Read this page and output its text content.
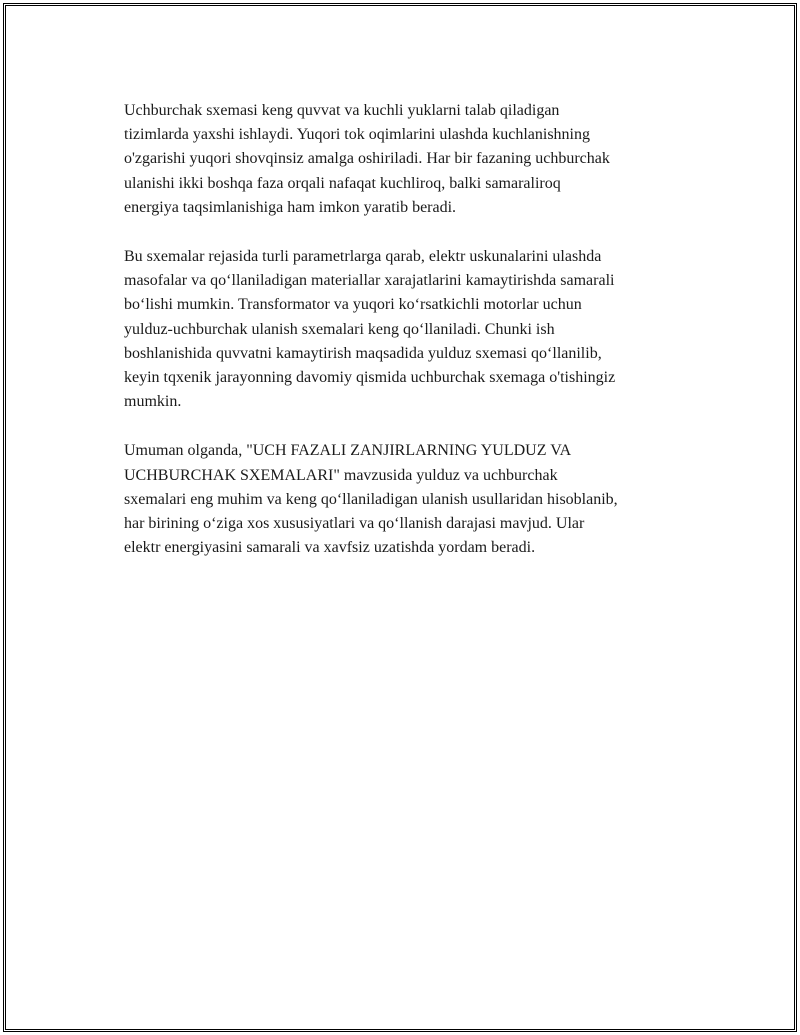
Uchburchak sxemasi keng quvvat va kuchli yuklarni talab qiladigan
tizimlarda yaxshi ishlaydi. Yuqori tok oqimlarini ulashda kuchlanishning
o'zgarishi yuqori shovqinsiz amalga oshiriladi. Har bir fazaning uchburchak
ulanishi ikki boshqa faza orqali nafaqat kuchliroq, balki samaraliroq
energiya taqsimlanishiga ham imkon yaratib beradi.

Bu sxemalar rejasida turli parametrlarga qarab, elektr uskunalarini ulashda
masofalar va qo‘llaniladigan materiallar xarajatlarini kamaytirishda samarali
bo‘lishi mumkin. Transformator va yuqori ko‘rsatkichli motorlar uchun
yulduz-uchburchak ulanish sxemalari keng qo‘llaniladi. Chunki ish
boshlanishida quvvatni kamaytirish maqsadida yulduz sxemasi qo‘llanilib,
keyin tqxenik jarayonning davomiy qismida uchburchak sxemaga o'tishingiz
mumkin.

Umuman olganda, "UCH FAZALI ZANJIRLARNING YULDUZ VA
UCHBURCHAK SXEMALARI" mavzusida yulduz va uchburchak
sxemalari eng muhim va keng qo‘llaniladigan ulanish usullaridan hisoblanib,
har birining o‘ziga xos xususiyatlari va qo‘llanish darajasi mavjud. Ular
elektr energiyasini samarali va xavfsiz uzatishda yordam beradi.
